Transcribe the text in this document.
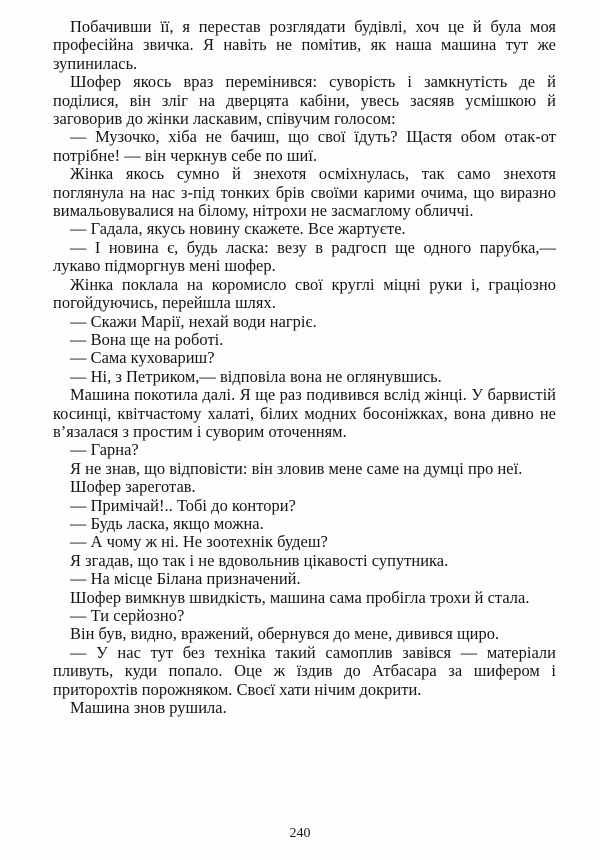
Побачивши її, я перестав розглядати будівлі, хоч це й була моя професійна звичка. Я навіть не помітив, як наша машина тут же зупинилась.

Шофер якось враз перемінився: суворість і замкнутість де й поділися, він зліг на дверцята кабіни, увесь засяяв усмішкою й заговорив до жінки ласкавим, співучим голосом:

— Музочко, хіба не бачиш, що свої їдуть? Щастя обом отак-от потрібне! — він черкнув себе по шиї.

Жінка якось сумно й знехотя осміхнулась, так само знехотя поглянула на нас з-під тонких брів своїми карими очима, що виразно вимальовувалися на білому, нітрохи не засмаглому обличчі.

— Гадала, якусь новину скажете. Все жартуєте.

— І новина є, будь ласка: везу в радгосп ще одного парубка,— лукаво підморгнув мені шофер.

Жінка поклала на коромисло свої круглі міцні руки і, граціозно погойдуючись, перейшла шлях.

— Скажи Марії, нехай води нагріє.

— Вона ще на роботі.

— Сама куховариш?

— Ні, з Петриком,— відповіла вона не оглянувшись.

Машина покотила далі. Я ще раз подивився вслід жінці. У барвистій косинці, квітчастому халаті, білих модних босоніжках, вона дивно не в’язалася з простим і суворим оточенням.

— Гарна?

Я не знав, що відповісти: він зловив мене саме на думці про неї.

Шофер зареготав.

— Примічай!.. Тобі до контори?

— Будь ласка, якщо можна.

— А чому ж ні. Не зоотехнік будеш?

Я згадав, що так і не вдовольнив цікавості супутника.

— На місце Білана призначений.

Шофер вимкнув швидкість, машина сама пробігла трохи й стала.

— Ти серйозно?

Він був, видно, вражений, обернувся до мене, дивився щиро.

— У нас тут без техніка такий самоплив завівся — матеріали пливуть, куди попало. Оце ж їздив до Атбасара за шифером і приторохтів порожняком. Своєї хати нічим докрити.

Машина знов рушила.

240
